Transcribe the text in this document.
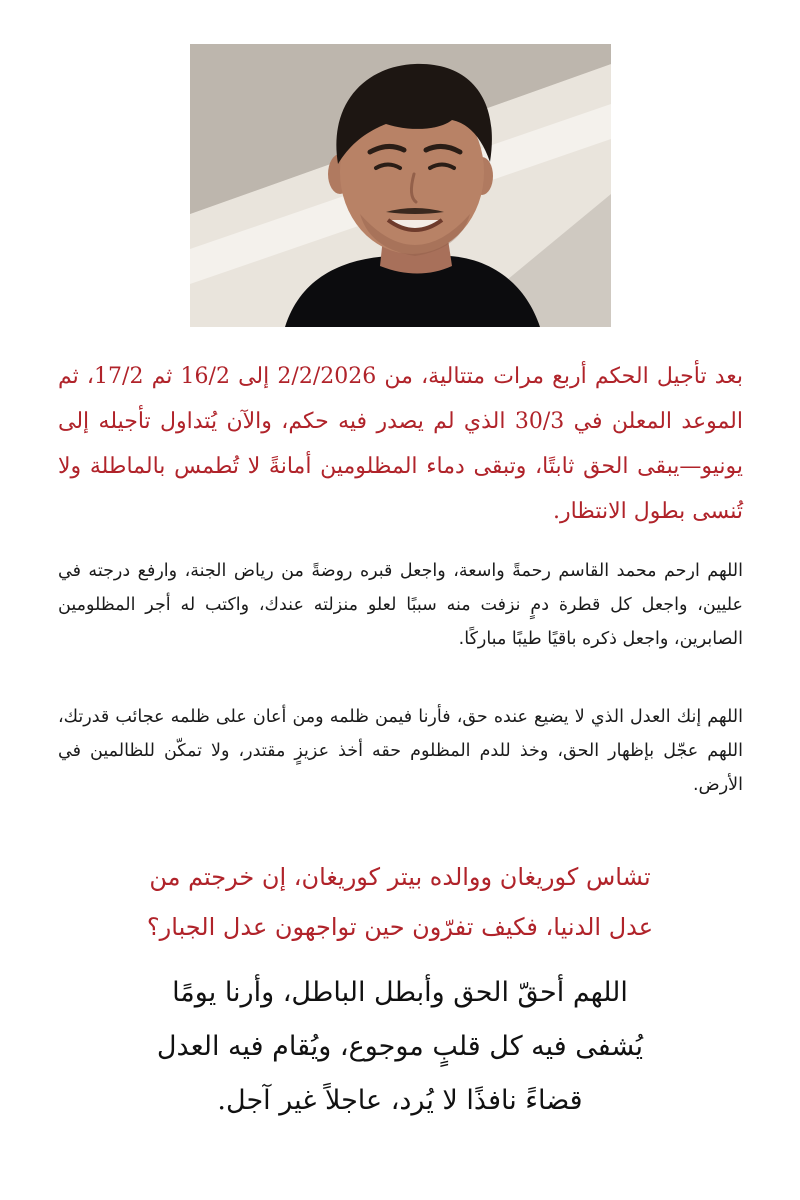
بعد تأجيل الحكم أربع مرات متتالية، من 2/2/2026 إلى 16/2 ثم 17/2، ثم الموعد المعلن في 30/3 الذي لم يصدر فيه حكم، والآن يُتداول تأجيله إلى يونيو—يبقى الحق ثابتًا، وتبقى دماء المظلومين أمانةً لا تُطمس بالماطلة ولا تُنسى بطول الانتظار.

اللهم ارحم محمد القاسم رحمةً واسعة، واجعل قبره روضةً من رياض الجنة، وارفع درجته في عليين، واجعل كل قطرة دمٍ نزفت منه سببًا لعلو منزلته عندك، واكتب له أجر المظلومين الصابرين، واجعل ذكره باقيًا طيبًا مباركًا.

اللهم إنك العدل الذي لا يضيع عنده حق، فأرنا فيمن ظلمه ومن أعان على ظلمه عجائب قدرتك، اللهم عجّل بإظهار الحق، وخذ للدم المظلوم حقه أخذ عزيزٍ مقتدر، ولا تمكّن للظالمين في الأرض.

تشاس كوريغان ووالده بيتر كوريغان، إن خرجتم من
عدل الدنيا، فكيف تفرّون حين تواجهون عدل الجبار؟

اللهم أحقّ الحق وأبطل الباطل، وأرنا يومًا
يُشفى فيه كل قلبٍ موجوع، ويُقام فيه العدل
قضاءً نافذًا لا يُرد، عاجلاً غير آجل.
